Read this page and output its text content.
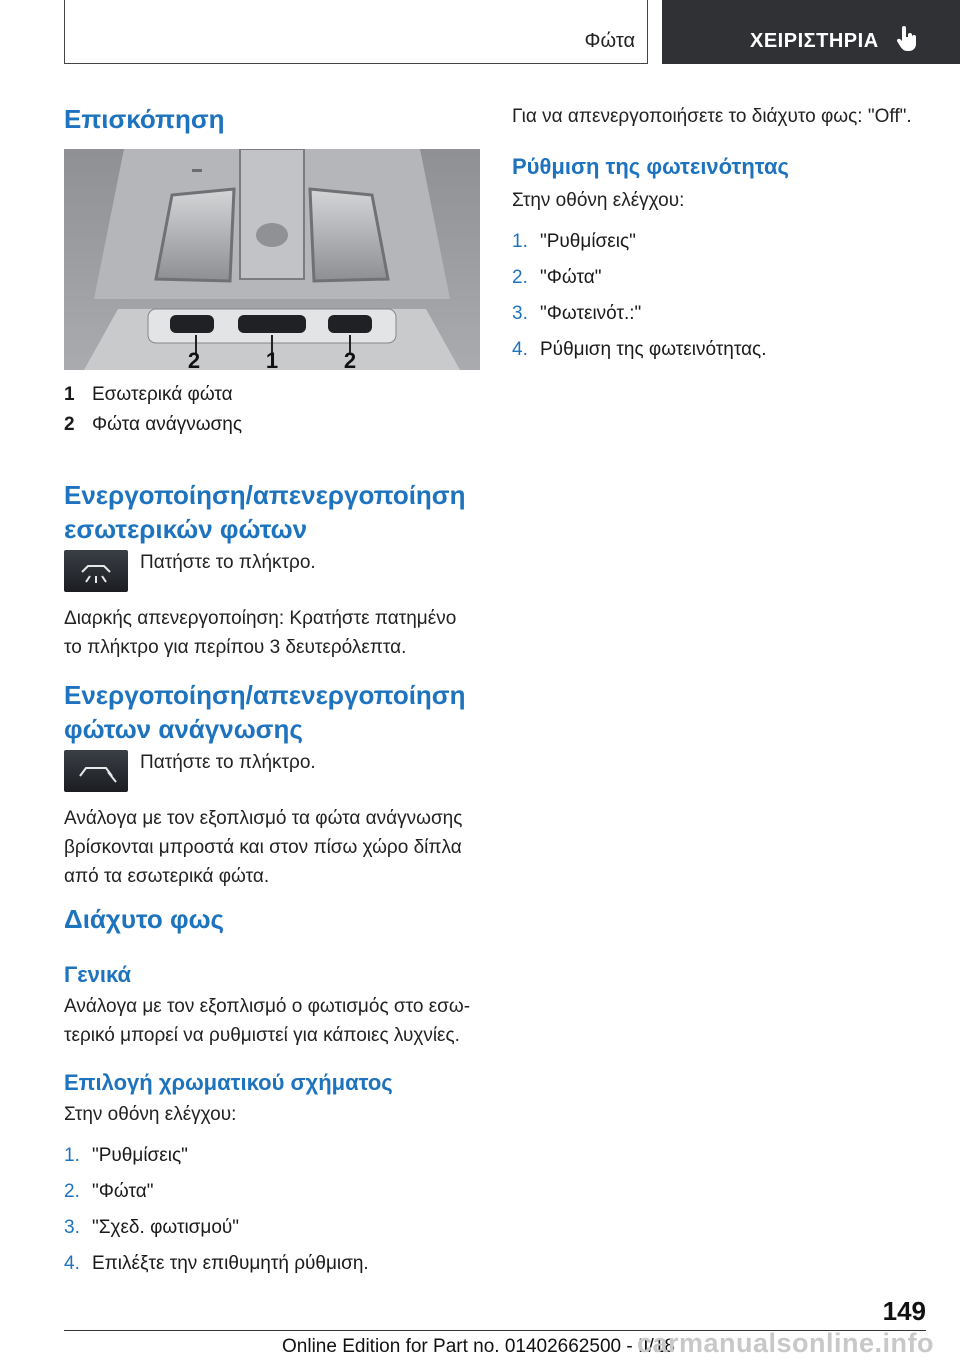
Φώτα	ΧΕΙΡΙΣΤΗΡΙΑ
Επισκόπηση
2	1	2
1 Εσωτερικά φώτα
2 Φώτα ανάγνωσης
Ενεργοποίηση/απενεργοποίηση
εσωτερικών φώτων

Πατήστε το πλήκτρο.

Διαρκής απενεργοποίηση: Κρατήστε πατημένο
το πλήκτρο για περίπου 3 δευτερόλεπτα.

Ενεργοποίηση/απενεργοποίηση
φώτων ανάγνωσης

Πατήστε το πλήκτρο.

Ανάλογα με τον εξοπλισμό τα φώτα ανάγνωσης
βρίσκονται μπροστά και στον πίσω χώρο δίπλα
από τα εσωτερικά φώτα.

Διάχυτο φως
Γενικά

Ανάλογα με τον εξοπλισμό ο φωτισμός στο εσω-
τερικό μπορεί να ρυθμιστεί για κάποιες λυχνίες.

Επιλογή χρωματικού σχήματος

Στην οθόνη ελέγχου:

1. "Ρυθμίσεις"
2. "Φώτα"
3. "Σχεδ. φωτισμού"
4. Επιλέξτε την επιθυμητή ρύθμιση.

Για να απενεργοποιήσετε το διάχυτο φως: "Off".

Ρύθμιση της φωτεινότητας

Στην οθόνη ελέγχου:

1. "Ρυθμίσεις"
2. "Φώτα"
3. "Φωτεινότ.:"
4. Ρύθμιση της φωτεινότητας.
149
Online Edition for Part no. 01402662500 - II/18
carmanualsonline.info
